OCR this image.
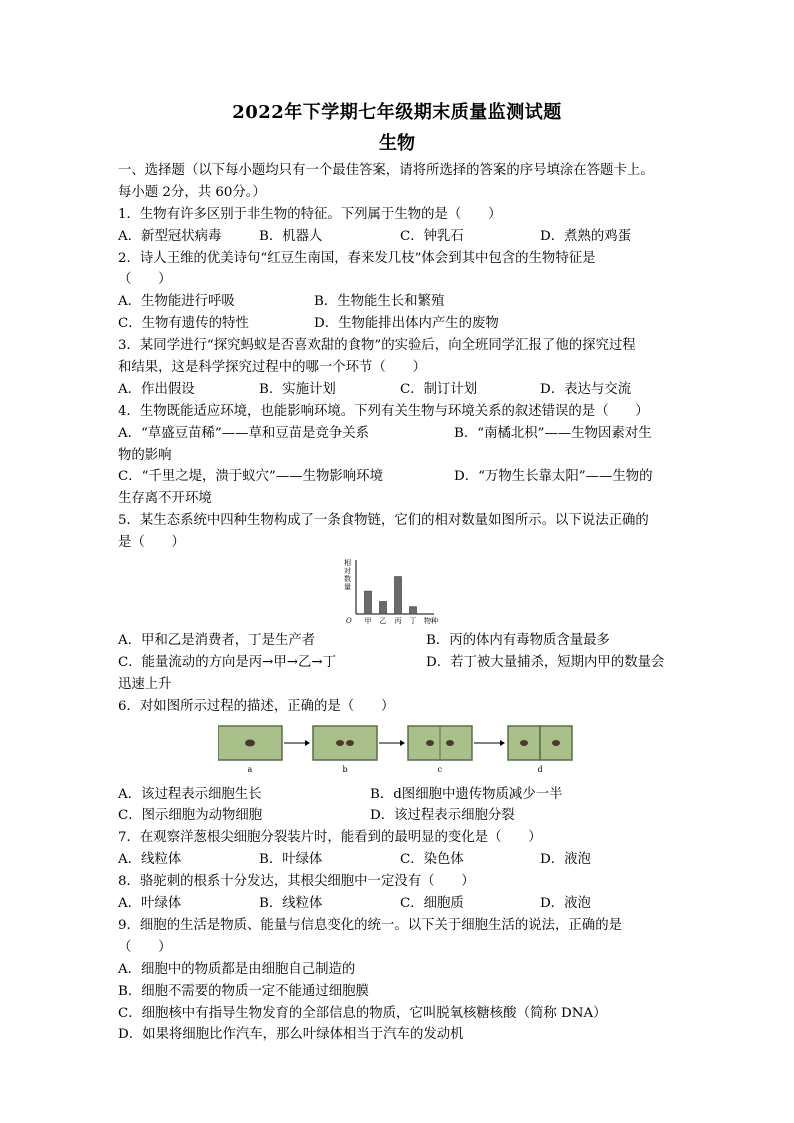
2022年下学期七年级期末质量监测试题
生物
一、选择题（以下每小题均只有一个最佳答案，请将所选择的答案的序号填涂在答题卡上。
每小题 2分，共 60分。）
1．生物有许多区别于非生物的特征。下列属于生物的是（　　）
A．新型冠状病毒	B．机器人	C．钟乳石	D．煮熟的鸡蛋
2．诗人王维的优美诗句“红豆生南国，春来发几枝”体会到其中包含的生物特征是
（　　）
A．生物能进行呼吸	B．生物能生长和繁殖
C．生物有遗传的特性	D．生物能排出体内产生的废物
3．某同学进行“探究蚂蚁是否喜欢甜的食物”的实验后，向全班同学汇报了他的探究过程
和结果，这是科学探究过程中的哪一个环节（　　）
A．作出假设	B．实施计划	C．制订计划	D．表达与交流
4．生物既能适应环境，也能影响环境。下列有关生物与环境关系的叙述错误的是（　　）
A．“草盛豆苗稀”——草和豆苗是竞争关系	B．“南橘北枳”——生物因素对生
物的影响
C．“千里之堤，溃于蚁穴”——生物影响环境	D．“万物生长靠太阳”——生物的
生存离不开环境
5．某生态系统中四种生物构成了一条食物链，它们的相对数量如图所示。以下说法正确的
是（　　）
相
对
数
量
O 甲 乙 丙 丁 物种
A．甲和乙是消费者，丁是生产者	B．丙的体内有毒物质含量最多
C．能量流动的方向是丙→甲→乙→丁	D．若丁被大量捕杀，短期内甲的数量会
迅速上升
6．对如图所示过程的描述，正确的是（　　）
a	b	c	d
A．该过程表示细胞生长	B．d图细胞中遗传物质减少一半
C．图示细胞为动物细胞	D．该过程表示细胞分裂
7．在观察洋葱根尖细胞分裂装片时，能看到的最明显的变化是（　　）
A．线粒体	B．叶绿体	C．染色体	D．液泡
8．骆驼刺的根系十分发达，其根尖细胞中一定没有（　　）
A．叶绿体	B．线粒体	C．细胞质	D．液泡
9．细胞的生活是物质、能量与信息变化的统一。以下关于细胞生活的说法，正确的是
（　　）
A．细胞中的物质都是由细胞自己制造的
B．细胞不需要的物质一定不能通过细胞膜
C．细胞核中有指导生物发育的全部信息的物质，它叫脱氧核糖核酸（简称 DNA）
D．如果将细胞比作汽车，那么叶绿体相当于汽车的发动机
